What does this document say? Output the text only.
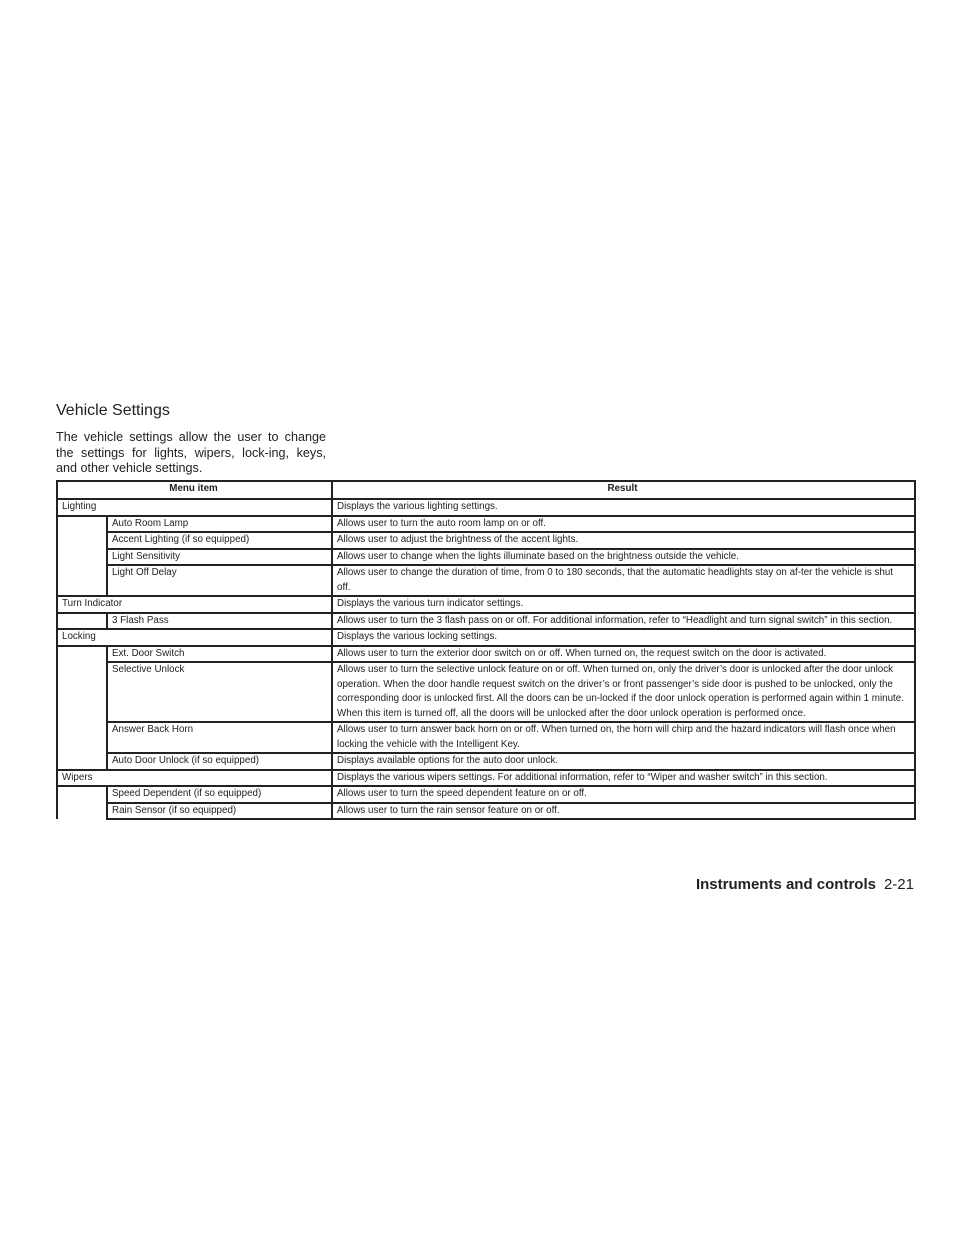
Vehicle Settings

The vehicle settings allow the user to change the settings for lights, wipers, lock-ing, keys, and other vehicle settings.

Menu item		Result
Lighting		Displays the various lighting settings.
	Auto Room Lamp	Allows user to turn the auto room lamp on or off.
	Accent Lighting (if so equipped)	Allows user to adjust the brightness of the accent lights.
	Light Sensitivity	Allows user to change when the lights illuminate based on the brightness outside the vehicle.
	Light Off Delay	Allows user to change the duration of time, from 0 to 180 seconds, that the automatic headlights stay on af-ter the vehicle is shut off.
Turn Indicator		Displays the various turn indicator settings.
	3 Flash Pass	Allows user to turn the 3 flash pass on or off. For additional information, refer to “Headlight and turn signal switch” in this section.
Locking		Displays the various locking settings.
	Ext. Door Switch	Allows user to turn the exterior door switch on or off. When turned on, the request switch on the door is activated.
	Selective Unlock	Allows user to turn the selective unlock feature on or off. When turned on, only the driver’s door is unlocked after the door unlock operation. When the door handle request switch on the driver’s or front passenger’s side door is pushed to be unlocked, only the corresponding door is unlocked first. All the doors can be un-locked if the door unlock operation is performed again within 1 minute. When this item is turned off, all the doors will be unlocked after the door unlock operation is performed once.
	Answer Back Horn	Allows user to turn answer back horn on or off. When turned on, the horn will chirp and the hazard indicators will flash once when locking the vehicle with the Intelligent Key.
	Auto Door Unlock (if so equipped)	Displays available options for the auto door unlock.
Wipers		Displays the various wipers settings. For additional information, refer to “Wiper and washer switch” in this section.
	Speed Dependent (if so equipped)	Allows user to turn the speed dependent feature on or off.
	Rain Sensor (if so equipped)	Allows user to turn the rain sensor feature on or off.
Instruments and controls 2-21
